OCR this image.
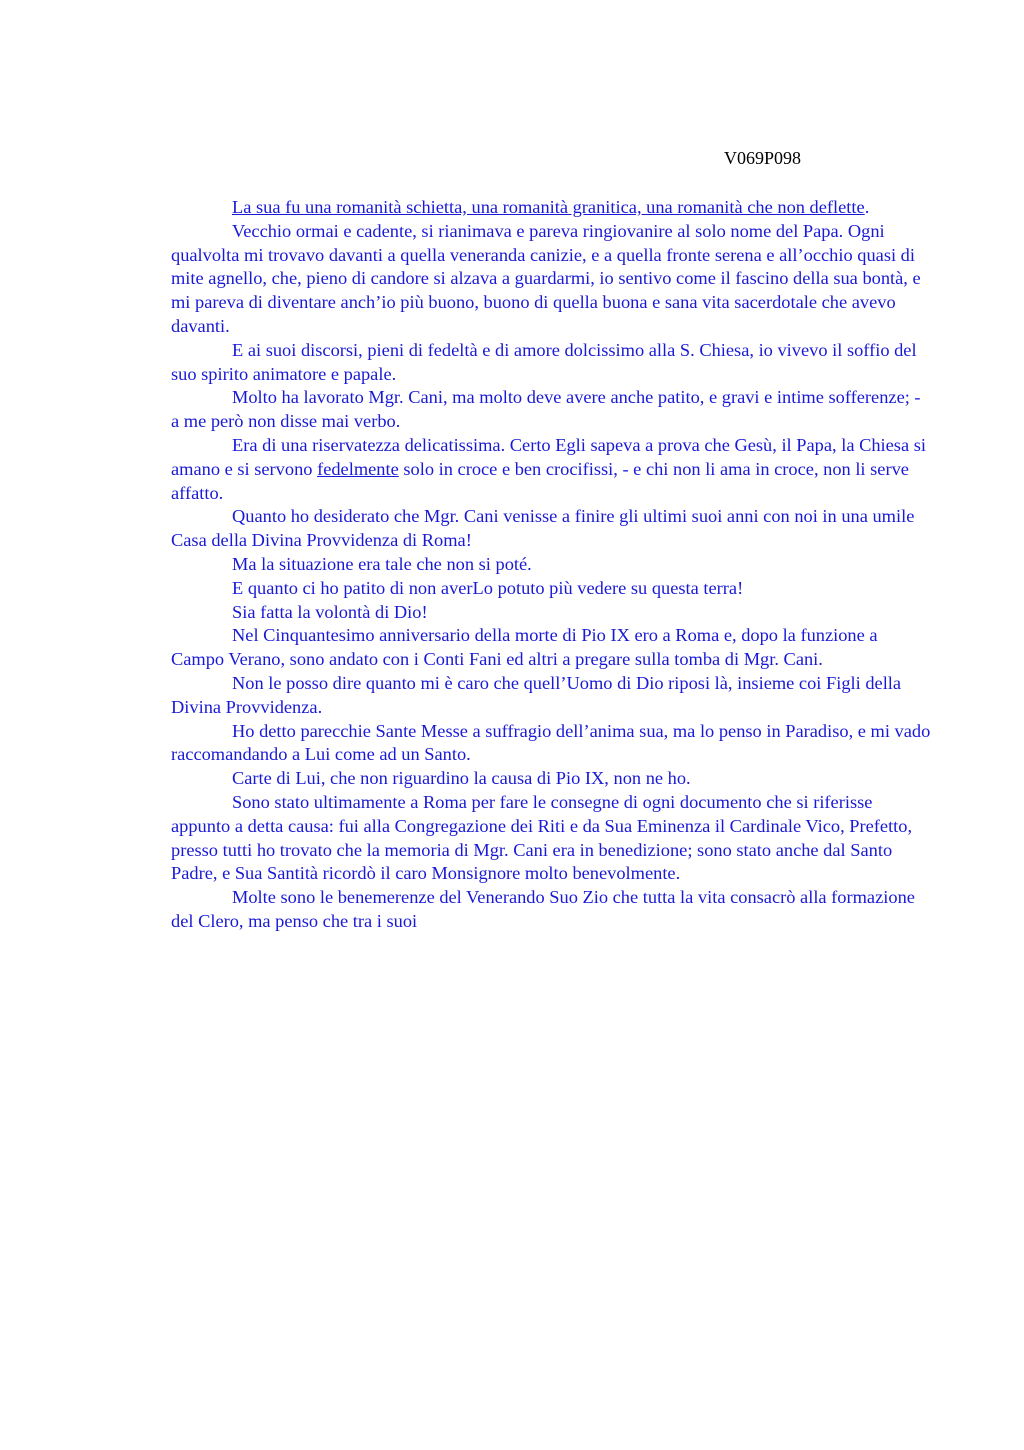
V069P098

La sua fu una romanità schietta, una romanità granitica, una romanità che non deflette.

Vecchio ormai e cadente, si rianimava e pareva ringiovanire al solo nome del Papa. Ogni qualvolta mi trovavo davanti a quella veneranda canizie, e a quella fronte serena e all’occhio quasi di mite agnello, che, pieno di candore si alzava a guardarmi, io sentivo come il fascino della sua bontà, e mi pareva di diventare anch’io più buono, buono di quella buona e sana vita sacerdotale che avevo davanti.

E ai suoi discorsi, pieni di fedeltà e di amore dolcissimo alla S. Chiesa, io vivevo il soffio del suo spirito animatore e papale.

Molto ha lavorato Mgr. Cani, ma molto deve avere anche patito, e gravi e intime sofferenze; - a me però non disse mai verbo.

Era di una riservatezza delicatissima. Certo Egli sapeva a prova che Gesù, il Papa, la Chiesa si amano e si servono fedelmente solo in croce e ben crocifissi, - e chi non li ama in croce, non li serve affatto.

Quanto ho desiderato che Mgr. Cani venisse a finire gli ultimi suoi anni con noi in una umile Casa della Divina Provvidenza di Roma!

Ma la situazione era tale che non si poté.

E quanto ci ho patito di non averLo potuto più vedere su questa terra!

Sia fatta la volontà di Dio!

Nel Cinquantesimo anniversario della morte di Pio IX ero a Roma e, dopo la funzione a Campo Verano, sono andato con i Conti Fani ed altri a pregare sulla tomba di Mgr. Cani.

Non le posso dire quanto mi è caro che quell’Uomo di Dio riposi là, insieme coi Figli della Divina Provvidenza.

Ho detto parecchie Sante Messe a suffragio dell’anima sua, ma lo penso in Paradiso, e mi vado raccomandando a Lui come ad un Santo.

Carte di Lui, che non riguardino la causa di Pio IX, non ne ho.

Sono stato ultimamente a Roma per fare le consegne di ogni documento che si riferisse appunto a detta causa: fui alla Congregazione dei Riti e da Sua Eminenza il Cardinale Vico, Prefetto, presso tutti ho trovato che la memoria di Mgr. Cani era in benedizione; sono stato anche dal Santo Padre, e Sua Santità ricordò il caro Monsignore molto benevolmente.

Molte sono le benemerenze del Venerando Suo Zio che tutta la vita consacrò alla formazione del Clero, ma penso che tra i suoi
